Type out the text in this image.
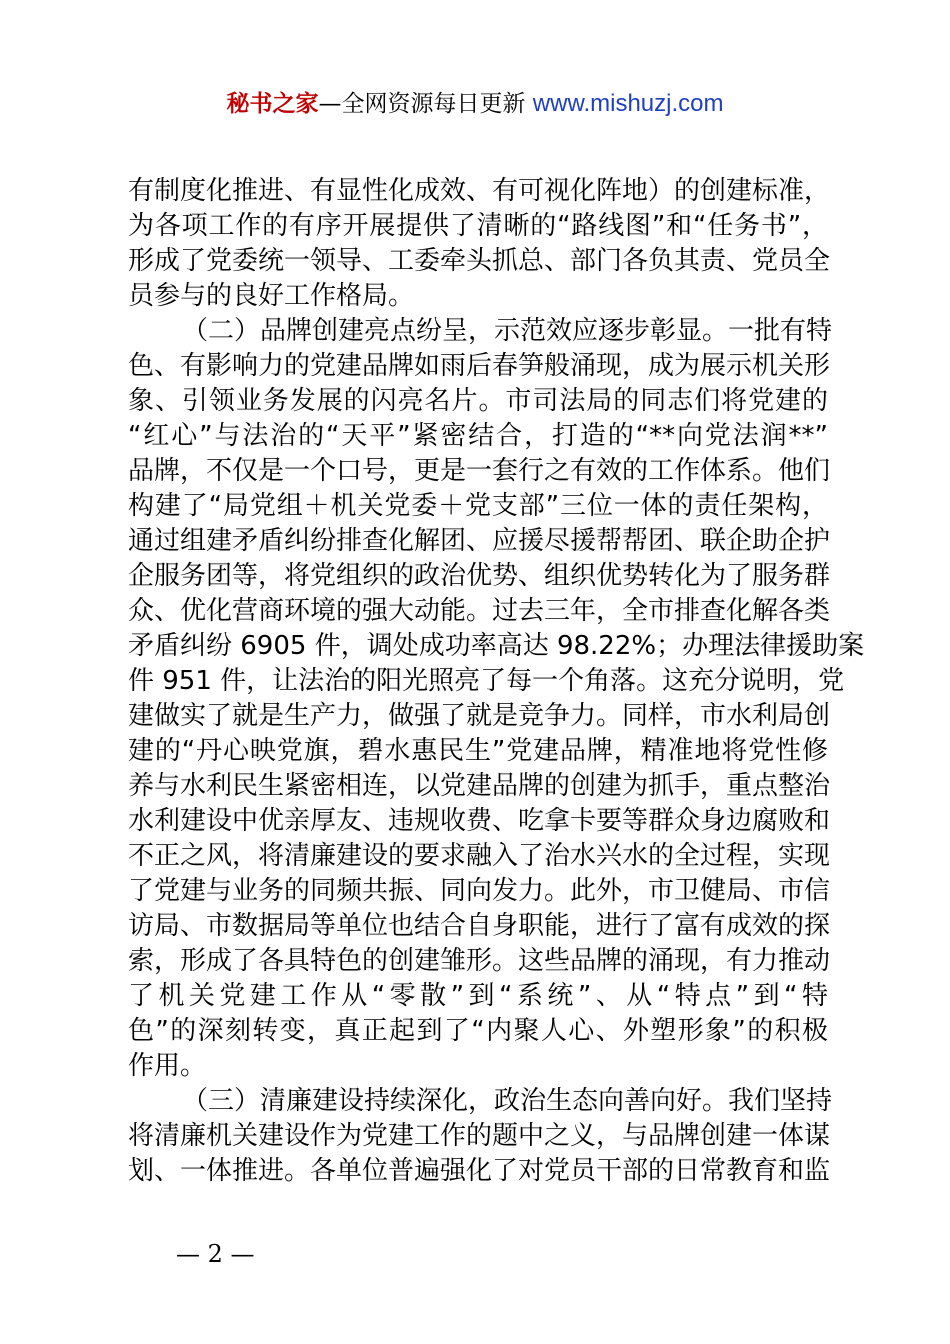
秘书之家—全网资源每日更新 www.mishuzj.com
有制度化推进、有显性化成效、有可视化阵地）的创建标准，
为各项工作的有序开展提供了清晰的“路线图”和“任务书”，
形成了党委统一领导、工委牵头抓总、部门各负其责、党员全
员参与的良好工作格局。
（二）品牌创建亮点纷呈，示范效应逐步彰显。一批有特
色、有影响力的党建品牌如雨后春笋般涌现，成为展示机关形
象、引领业务发展的闪亮名片。市司法局的同志们将党建的
“红心”与法治的“天平”紧密结合，打造的“**向党法润**”
品牌，不仅是一个口号，更是一套行之有效的工作体系。他们
构建了“局党组＋机关党委＋党支部”三位一体的责任架构，
通过组建矛盾纠纷排查化解团、应援尽援帮帮团、联企助企护
企服务团等，将党组织的政治优势、组织优势转化为了服务群
众、优化营商环境的强大动能。过去三年，全市排查化解各类
矛盾纠纷 6905 件，调处成功率高达 98.22%；办理法律援助案
件 951 件，让法治的阳光照亮了每一个角落。这充分说明，党
建做实了就是生产力，做强了就是竞争力。同样，市水利局创
建的“丹心映党旗，碧水惠民生”党建品牌，精准地将党性修
养与水利民生紧密相连，以党建品牌的创建为抓手，重点整治
水利建设中优亲厚友、违规收费、吃拿卡要等群众身边腐败和
不正之风，将清廉建设的要求融入了治水兴水的全过程，实现
了党建与业务的同频共振、同向发力。此外，市卫健局、市信
访局、市数据局等单位也结合自身职能，进行了富有成效的探
索，形成了各具特色的创建雏形。这些品牌的涌现，有力推动
了机关党建工作从“零散”到“系统”、从“特点”到“特
色”的深刻转变，真正起到了“内聚人心、外塑形象”的积极
作用。
（三）清廉建设持续深化，政治生态向善向好。我们坚持
将清廉机关建设作为党建工作的题中之义，与品牌创建一体谋
划、一体推进。各单位普遍强化了对党员干部的日常教育和监
— 2 —
